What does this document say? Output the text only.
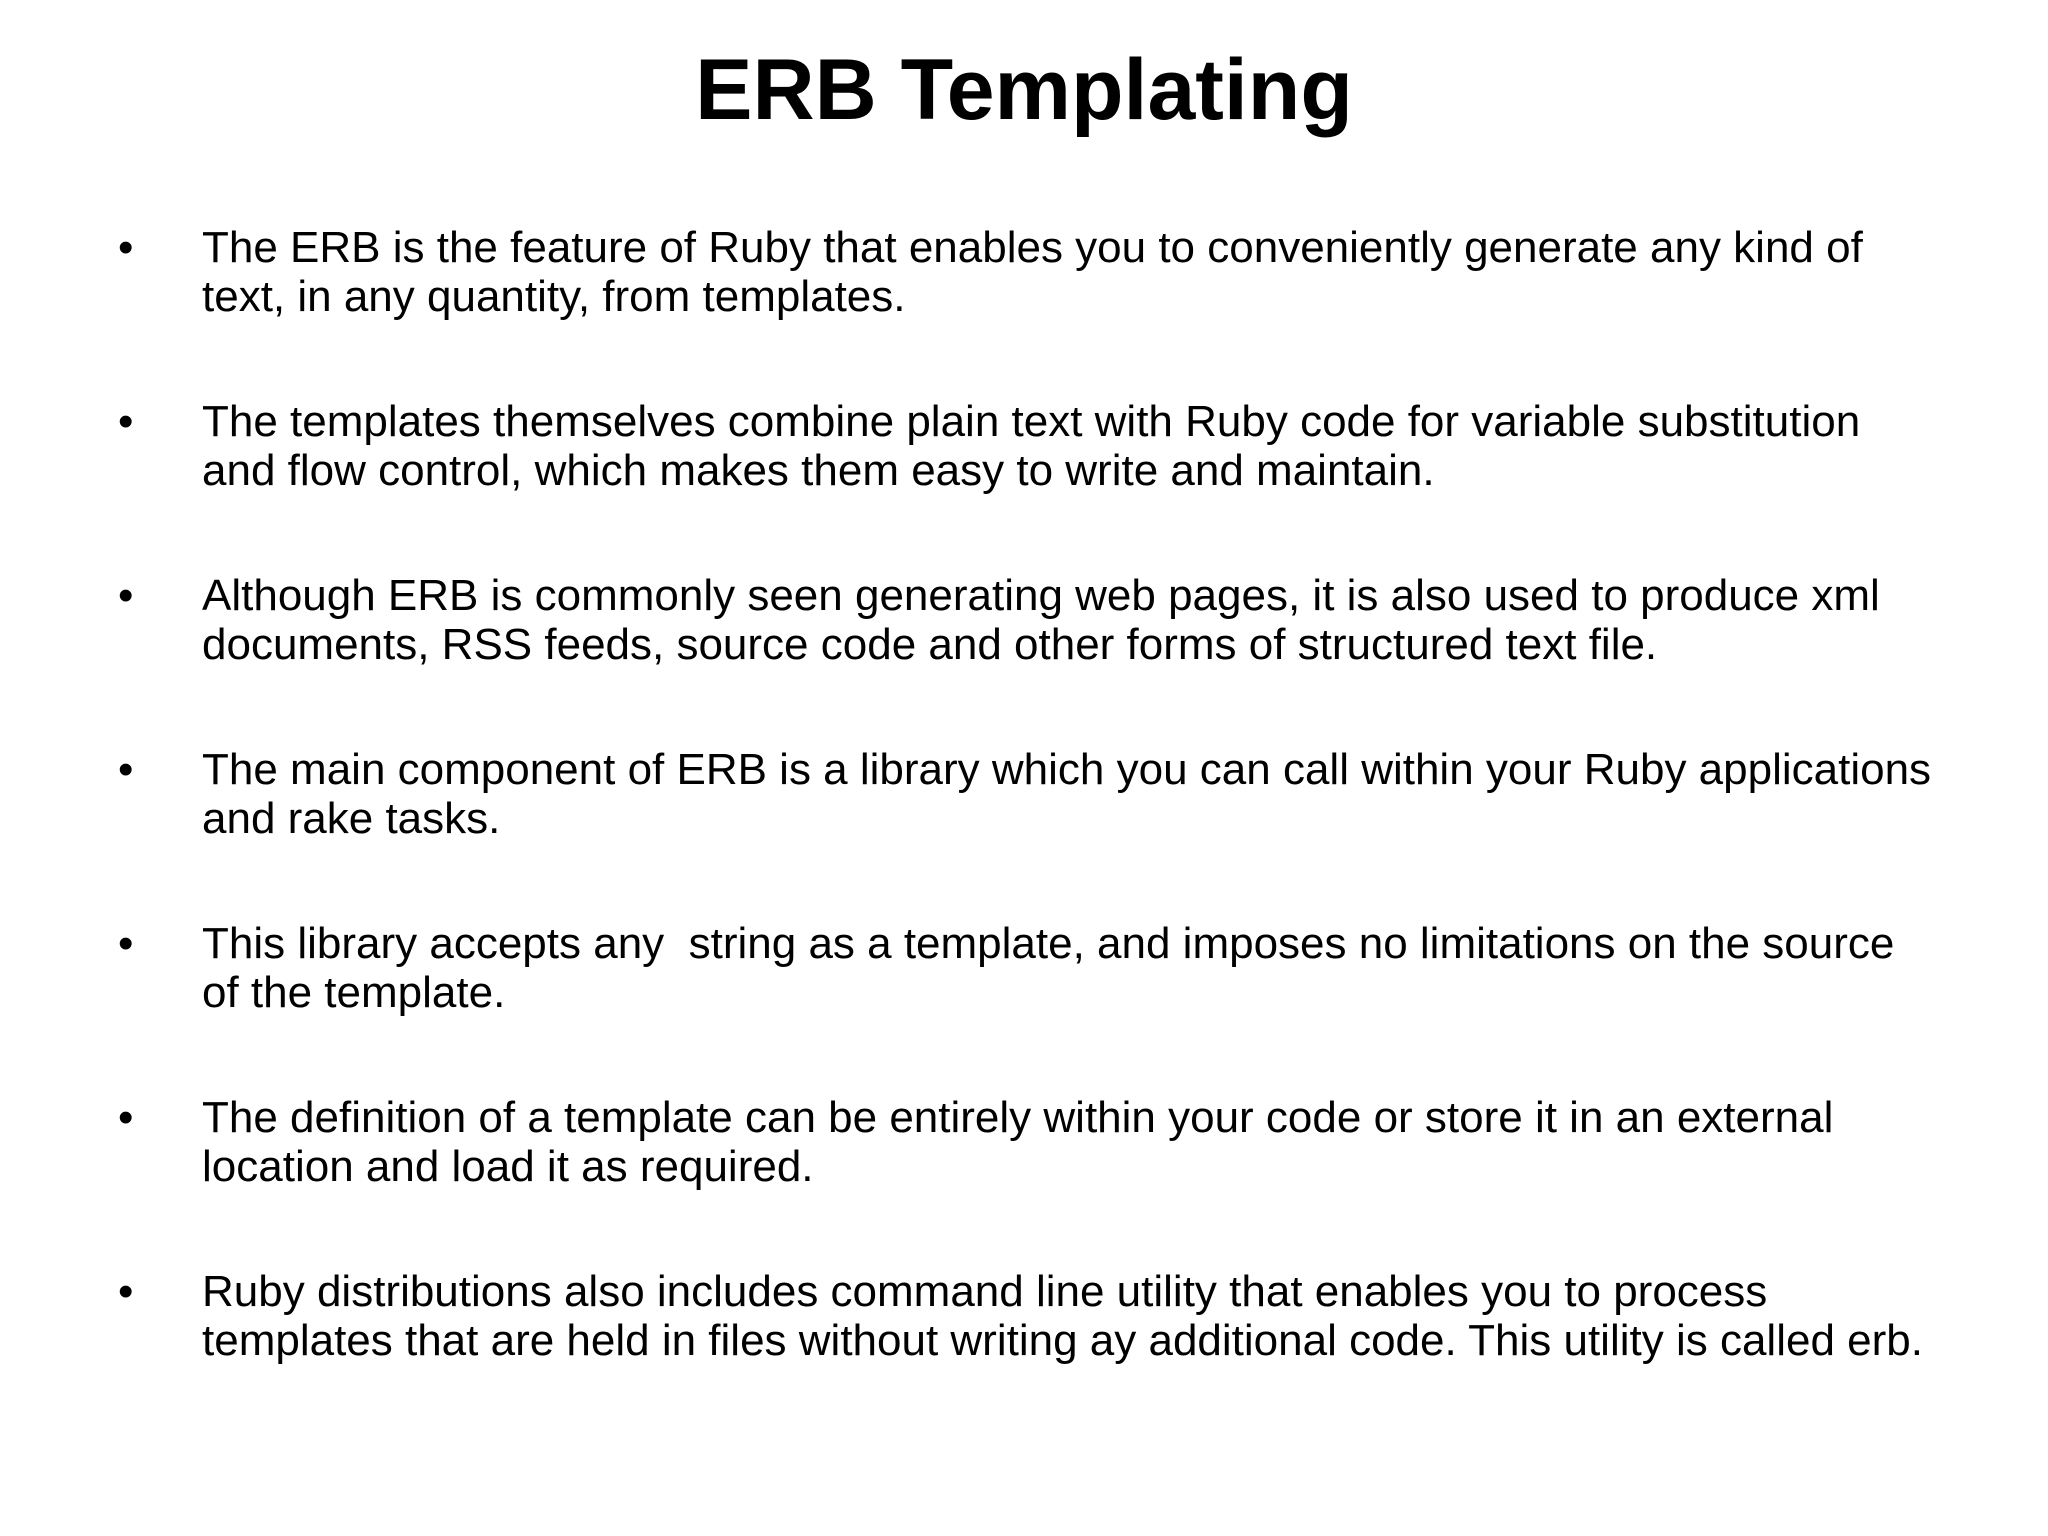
ERB Templating
• The ERB is the feature of Ruby that enables you to conveniently generate any kind of text, in any quantity, from templates.
• The templates themselves combine plain text with Ruby code for variable substitution and flow control, which makes them easy to write and maintain.
• Although ERB is commonly seen generating web pages, it is also used to produce xml documents, RSS feeds, source code and other forms of structured text file.
• The main component of ERB is a library which you can call within your Ruby applications and rake tasks.
• This library accepts any  string as a template, and imposes no limitations on the source of the template.
• The definition of a template can be entirely within your code or store it in an external location and load it as required.
• Ruby distributions also includes command line utility that enables you to process templates that are held in files without writing ay additional code. This utility is called erb.
